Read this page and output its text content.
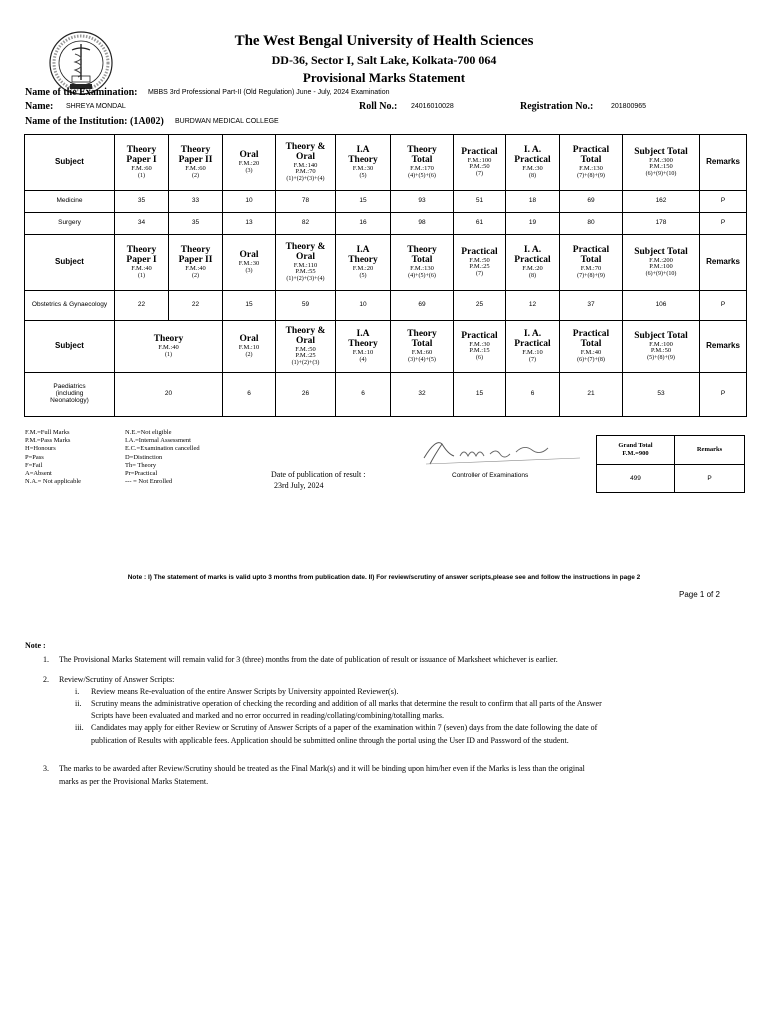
The West Bengal University of Health Sciences
DD-36, Sector I, Salt Lake, Kolkata-700 064
Provisional Marks Statement
Name of the Examination: MBBS 3rd Professional Part-II (Old Regulation) June - July, 2024 Examination
Name: SHREYA MONDAL	Roll No.: 24016010028	Registration No.:	201800965
Name of the Institution: (1A002) BURDWAN MEDICAL COLLEGE
Subject	Theory
Paper I
F.M.:60
(1)	Theory
Paper II
F.M.:60
(2)	Oral
F.M.:20
(3)	Theory &
Oral
F.M.:140
P.M.:70
(1)+(2)+(3)+(4)	I.A
Theory
F.M.:30
(5)	Theory
Total
F.M.:170
(4)+(5)+(6)	Practical
F.M.:100
P.M.:50
(7)	I. A.
Practical
F.M.:30
(8)	Practical
Total
F.M.:130
(7)+(8)+(9)	Subject Total
F.M.:300
P.M.:150
(6)+(9)+(10)	Remarks
Medicine	35	33	10	78	15	93	51	18	69	162	P
Surgery	34	35	13	82	16	98	61	19	80	178	P
Subject	Theory
Paper I
F.M.:40
(1)	Theory
Paper II
F.M.:40
(2)	Oral
F.M.:30
(3)	Theory &
Oral
F.M.:110
P.M.:55
(1)+(2)+(3)+(4)	I.A
Theory
F.M.:20
(5)	Theory
Total
F.M.:130
(4)+(5)+(6)	Practical
F.M.:50
P.M.:25
(7)	I. A.
Practical
F.M.:20
(8)	Practical
Total
F.M.:70
(7)+(8)+(9)	Subject Total
F.M.:200
P.M.:100
(6)+(9)+(10)	Remarks
Obstetrics & Gynaecology	22	22	15	59	10	69	25	12	37	106	P
Subject	Theory
F.M.:40
(1)		Oral
F.M.:10
(2)	Theory &
Oral
F.M.:50
P.M.:25
(1)+(2)+(3)	I.A
Theory
F.M.:10
(4)	Theory
Total
F.M.:60
(3)+(4)+(5)	Practical
F.M.:30
P.M.:15
(6)	I. A.
Practical
F.M.:10
(7)	Practical
Total
F.M.:40
(6)+(7)+(8)	Subject Total
F.M.:100
P.M.:50
(5)+(8)+(9)	Remarks
Paediatrics (including Neonatology)	20		6	26	6	32	15	6	21	53	P
F.M.=Full Marks
P.M.=Pass Marks
H=Honours
P=Pass
F=Fail
A=Absent
N.A.= Not applicable
N.E.=Not eligible
I.A.=Internal Assessment
E.C.=Examination cancelled
D=Distinction
Th= Theory
Pr=Practical
--- = Not Enrolled
Date of publication of result :
23rd July, 2024
Controller of Examinations
Grand Total
F.M.=900	Remarks
499	P
Note : I) The statement of marks is valid upto 3 months from publication date. II) For review/scrutiny of answer scripts,please see and follow the instructions in page 2
Page 1 of 2
Note :
1. The Provisional Marks Statement will remain valid for 3 (three) months from the date of publication of result or issuance of Marksheet whichever is earlier.
2. Review/Scrutiny of Answer Scripts:
i. Review means Re-evaluation of the entire Answer Scripts by University appointed Reviewer(s).
ii. Scrutiny means the administrative operation of checking the recording and addition of all marks that determine the result to confirm that all parts of the Answer
Scripts have been evaluated and marked and no error occurred in reading/collating/combining/totalling marks.
iii. Candidates may apply for either Review or Scrutiny of Answer Scripts of a paper of the examination within 7 (seven) days from the date following the date of
publication of Results with applicable fees. Application should be submitted online through the portal using the User ID and Password of the student.
3. The marks to be awarded after Review/Scrutiny should be treated as the Final Mark(s) and it will be binding upon him/her even if the Marks is less than the original
marks as per the Provisional Marks Statement.
